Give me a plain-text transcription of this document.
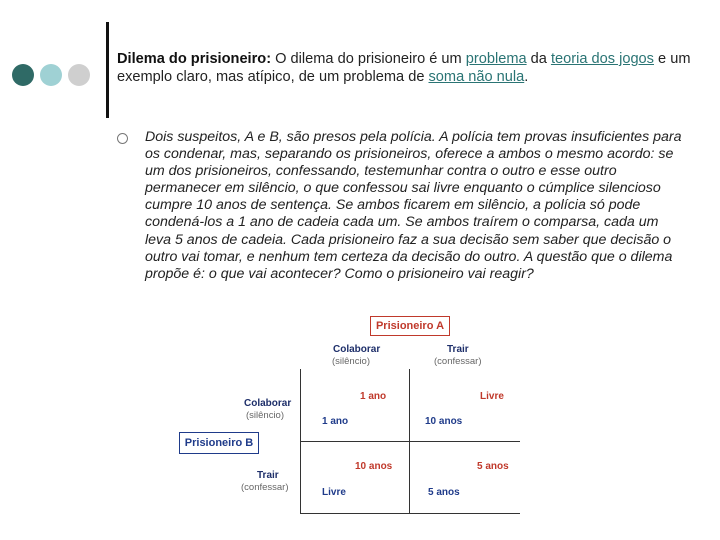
Dilema do prisioneiro: O dilema do prisioneiro é um problema da teoria dos jogos e um exemplo claro, mas atípico, de um problema de soma não nula.
Dois suspeitos, A e B, são presos pela polícia. A polícia tem provas insuficientes para os condenar, mas, separando os prisioneiros, oferece a ambos o mesmo acordo: se um dos prisioneiros, confessando, testemunhar contra o outro e esse outro permanecer em silêncio, o que confessou sai livre enquanto o cúmplice silencioso cumpre 10 anos de sentença. Se ambos ficarem em silêncio, a polícia só pode condená-los a 1 ano de cadeia cada um. Se ambos traírem o comparsa, cada um leva 5 anos de cadeia. Cada prisioneiro faz a sua decisão sem saber que decisão o outro vai tomar, e nenhum tem certeza da decisão do outro. A questão que o dilema propõe é: o que vai acontecer? Como o prisioneiro vai reagir?
Prisioneiro A
Prisioneiro B
Colaborar
(silêncio)
Trair
(confessar)
Colaborar
(silêncio)
Trair
(confessar)
1 ano
1 ano
Livre
10 anos
10 anos
Livre
5 anos
5 anos
